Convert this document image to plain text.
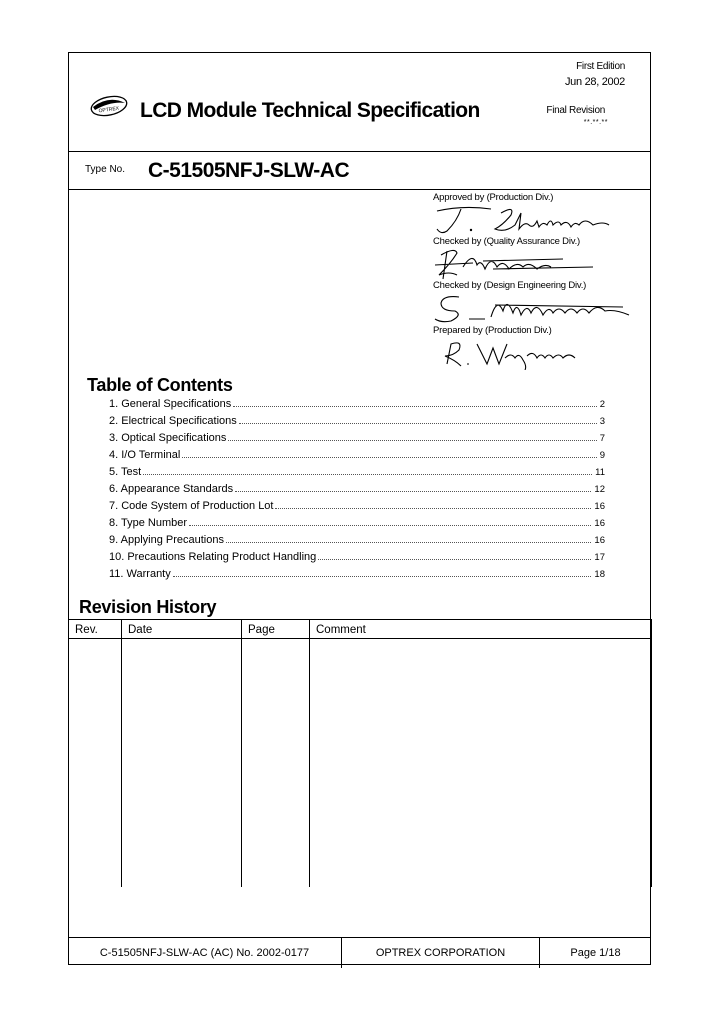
First Edition
Jun 28, 2002
Final Revision
**.**.**
OPTREX LCD Module Technical Specification
Type No. C-51505NFJ-SLW-AC
Approved by (Production Div.)
Checked by (Quality Assurance Div.)
Checked by (Design Engineering Div.)
Prepared by (Production Div.)
Table of Contents
1. General Specifications	2
2. Electrical Specifications	3
3. Optical Specifications	7
4. I/O Terminal	9
5. Test	11
6. Appearance Standards	12
7. Code System of Production Lot	16
8. Type Number	16
9. Applying Precautions	16
10. Precautions Relating Product Handling	17
11. Warranty	18
Revision History
Rev.	Date	Page	Comment

C-51505NFJ-SLW-AC (AC) No. 2002-0177	OPTREX CORPORATION	Page 1/18
